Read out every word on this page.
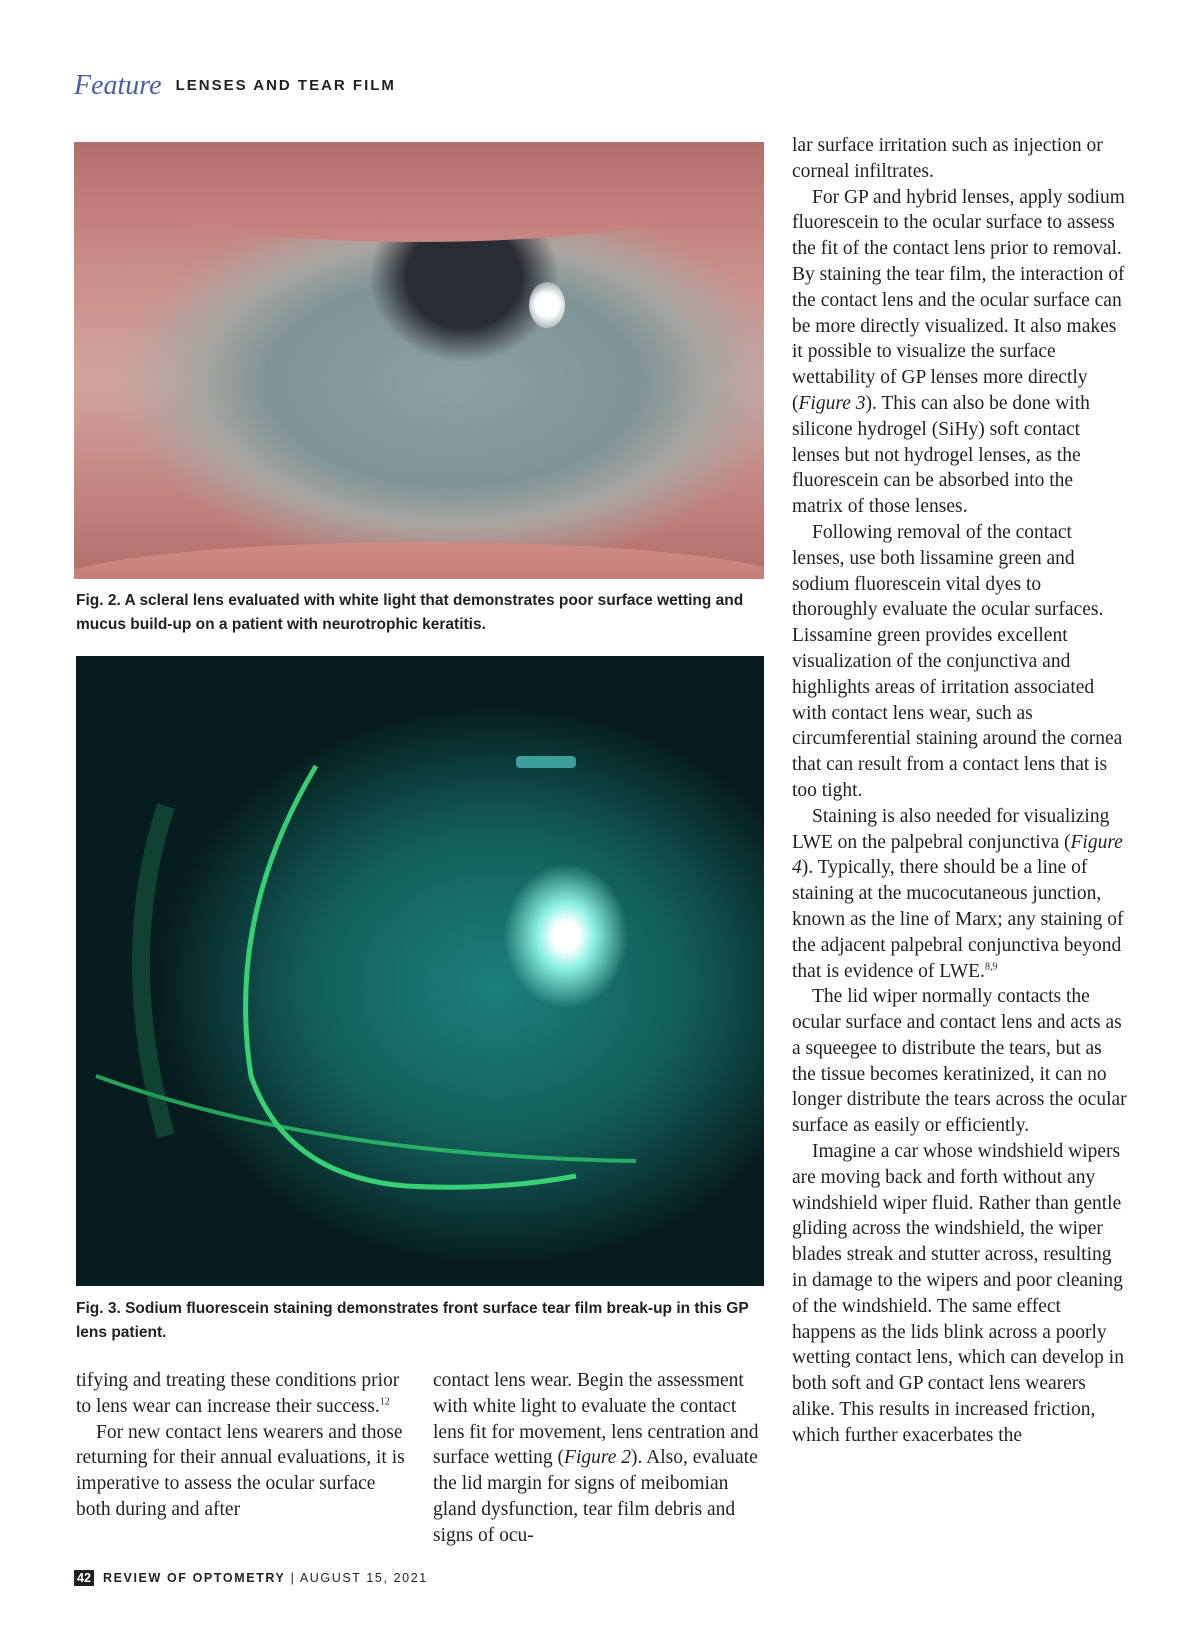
Feature LENSES AND TEAR FILM
Fig. 2. A scleral lens evaluated with white light that demonstrates poor surface wetting and mucus build-up on a patient with neurotrophic keratitis.
Fig. 3. Sodium fluorescein staining demonstrates front surface tear film break-up in this GP lens patient.

tifying and treating these conditions prior to lens wear can increase their success.$^{12}$

For new contact lens wearers and those returning for their annual evaluations, it is imperative to assess the ocular surface both during and after

contact lens wear. Begin the assessment with white light to evaluate the contact lens fit for movement, lens centration and surface wetting (Figure 2). Also, evaluate the lid margin for signs of meibomian gland dysfunction, tear film debris and signs of ocu-

lar surface irritation such as injection or corneal infiltrates.

For GP and hybrid lenses, apply sodium fluorescein to the ocular surface to assess the fit of the contact lens prior to removal. By staining the tear film, the interaction of the contact lens and the ocular surface can be more directly visualized. It also makes it possible to visualize the surface wettability of GP lenses more directly (Figure 3). This can also be done with silicone hydrogel (SiHy) soft contact lenses but not hydrogel lenses, as the fluorescein can be absorbed into the matrix of those lenses.

Following removal of the contact lenses, use both lissamine green and sodium fluorescein vital dyes to thoroughly evaluate the ocular surfaces. Lissamine green provides excellent visualization of the conjunctiva and highlights areas of irritation associated with contact lens wear, such as circumferential staining around the cornea that can result from a contact lens that is too tight.

Staining is also needed for visualizing LWE on the palpebral conjunctiva (Figure 4). Typically, there should be a line of staining at the mucocutaneous junction, known as the line of Marx; any staining of the adjacent palpebral conjunctiva beyond that is evidence of LWE.$^{8,9}$

The lid wiper normally contacts the ocular surface and contact lens and acts as a squeegee to distribute the tears, but as the tissue becomes keratinized, it can no longer distribute the tears across the ocular surface as easily or efficiently.

Imagine a car whose windshield wipers are moving back and forth without any windshield wiper fluid. Rather than gentle gliding across the windshield, the wiper blades streak and stutter across, resulting in damage to the wipers and poor cleaning of the windshield. The same effect happens as the lids blink across a poorly wetting contact lens, which can develop in both soft and GP contact lens wearers alike. This results in increased friction, which further exacerbates the

42 REVIEW OF OPTOMETRY | AUGUST 15, 2021
